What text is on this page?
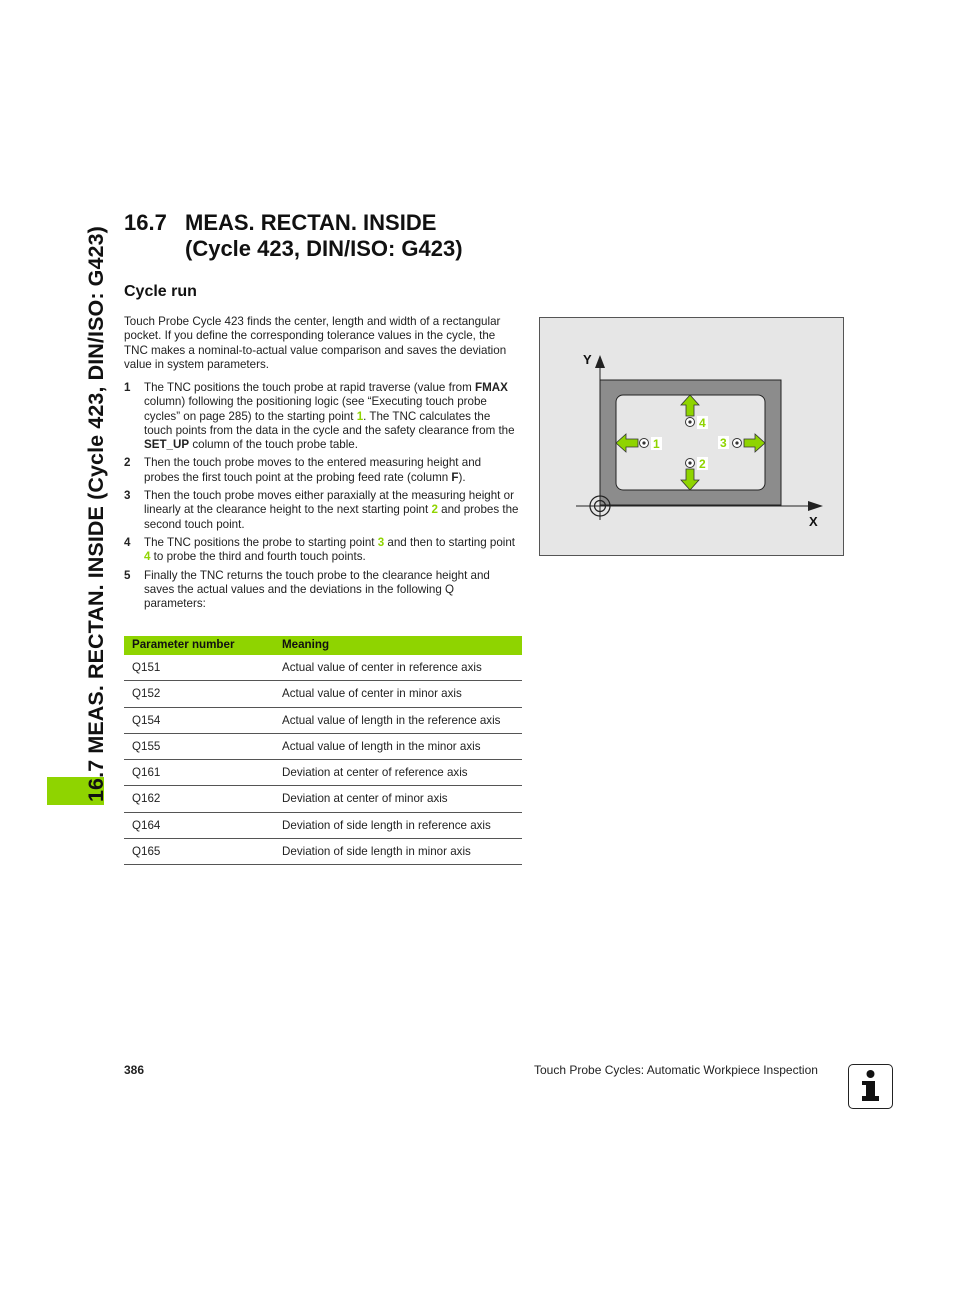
16.7 MEAS. RECTAN. INSIDE (Cycle 423, DIN/ISO: G423)
16.7 MEAS. RECTAN. INSIDE
(Cycle 423, DIN/ISO: G423)
Cycle run
Touch Probe Cycle 423 finds the center, length and width of a rectangular pocket. If you define the corresponding tolerance values in the cycle, the TNC makes a nominal-to-actual value comparison and saves the deviation value in system parameters.
1 The TNC positions the touch probe at rapid traverse (value from FMAX column) following the positioning logic (see “Executing touch probe cycles” on page 285) to the starting point 1. The TNC calculates the touch points from the data in the cycle and the safety clearance from the SET_UP column of the touch probe table.
2 Then the touch probe moves to the entered measuring height and probes the first touch point at the probing feed rate (column F).
3 Then the touch probe moves either paraxially at the measuring height or linearly at the clearance height to the next starting point 2 and probes the second touch point.
4 The TNC positions the probe to starting point 3 and then to starting point 4 to probe the third and fourth touch points.
5 Finally the TNC returns the touch probe to the clearance height and saves the actual values and the deviations in the following Q parameters:
Parameter number	Meaning
Q151	Actual value of center in reference axis
Q152	Actual value of center in minor axis
Q154	Actual value of length in the reference axis
Q155	Actual value of length in the minor axis
Q161	Deviation at center of reference axis
Q162	Deviation at center of minor axis
Q164	Deviation of side length in reference axis
Q165	Deviation of side length in minor axis
Y
X
1
2
3
4
386	Touch Probe Cycles: Automatic Workpiece Inspection
